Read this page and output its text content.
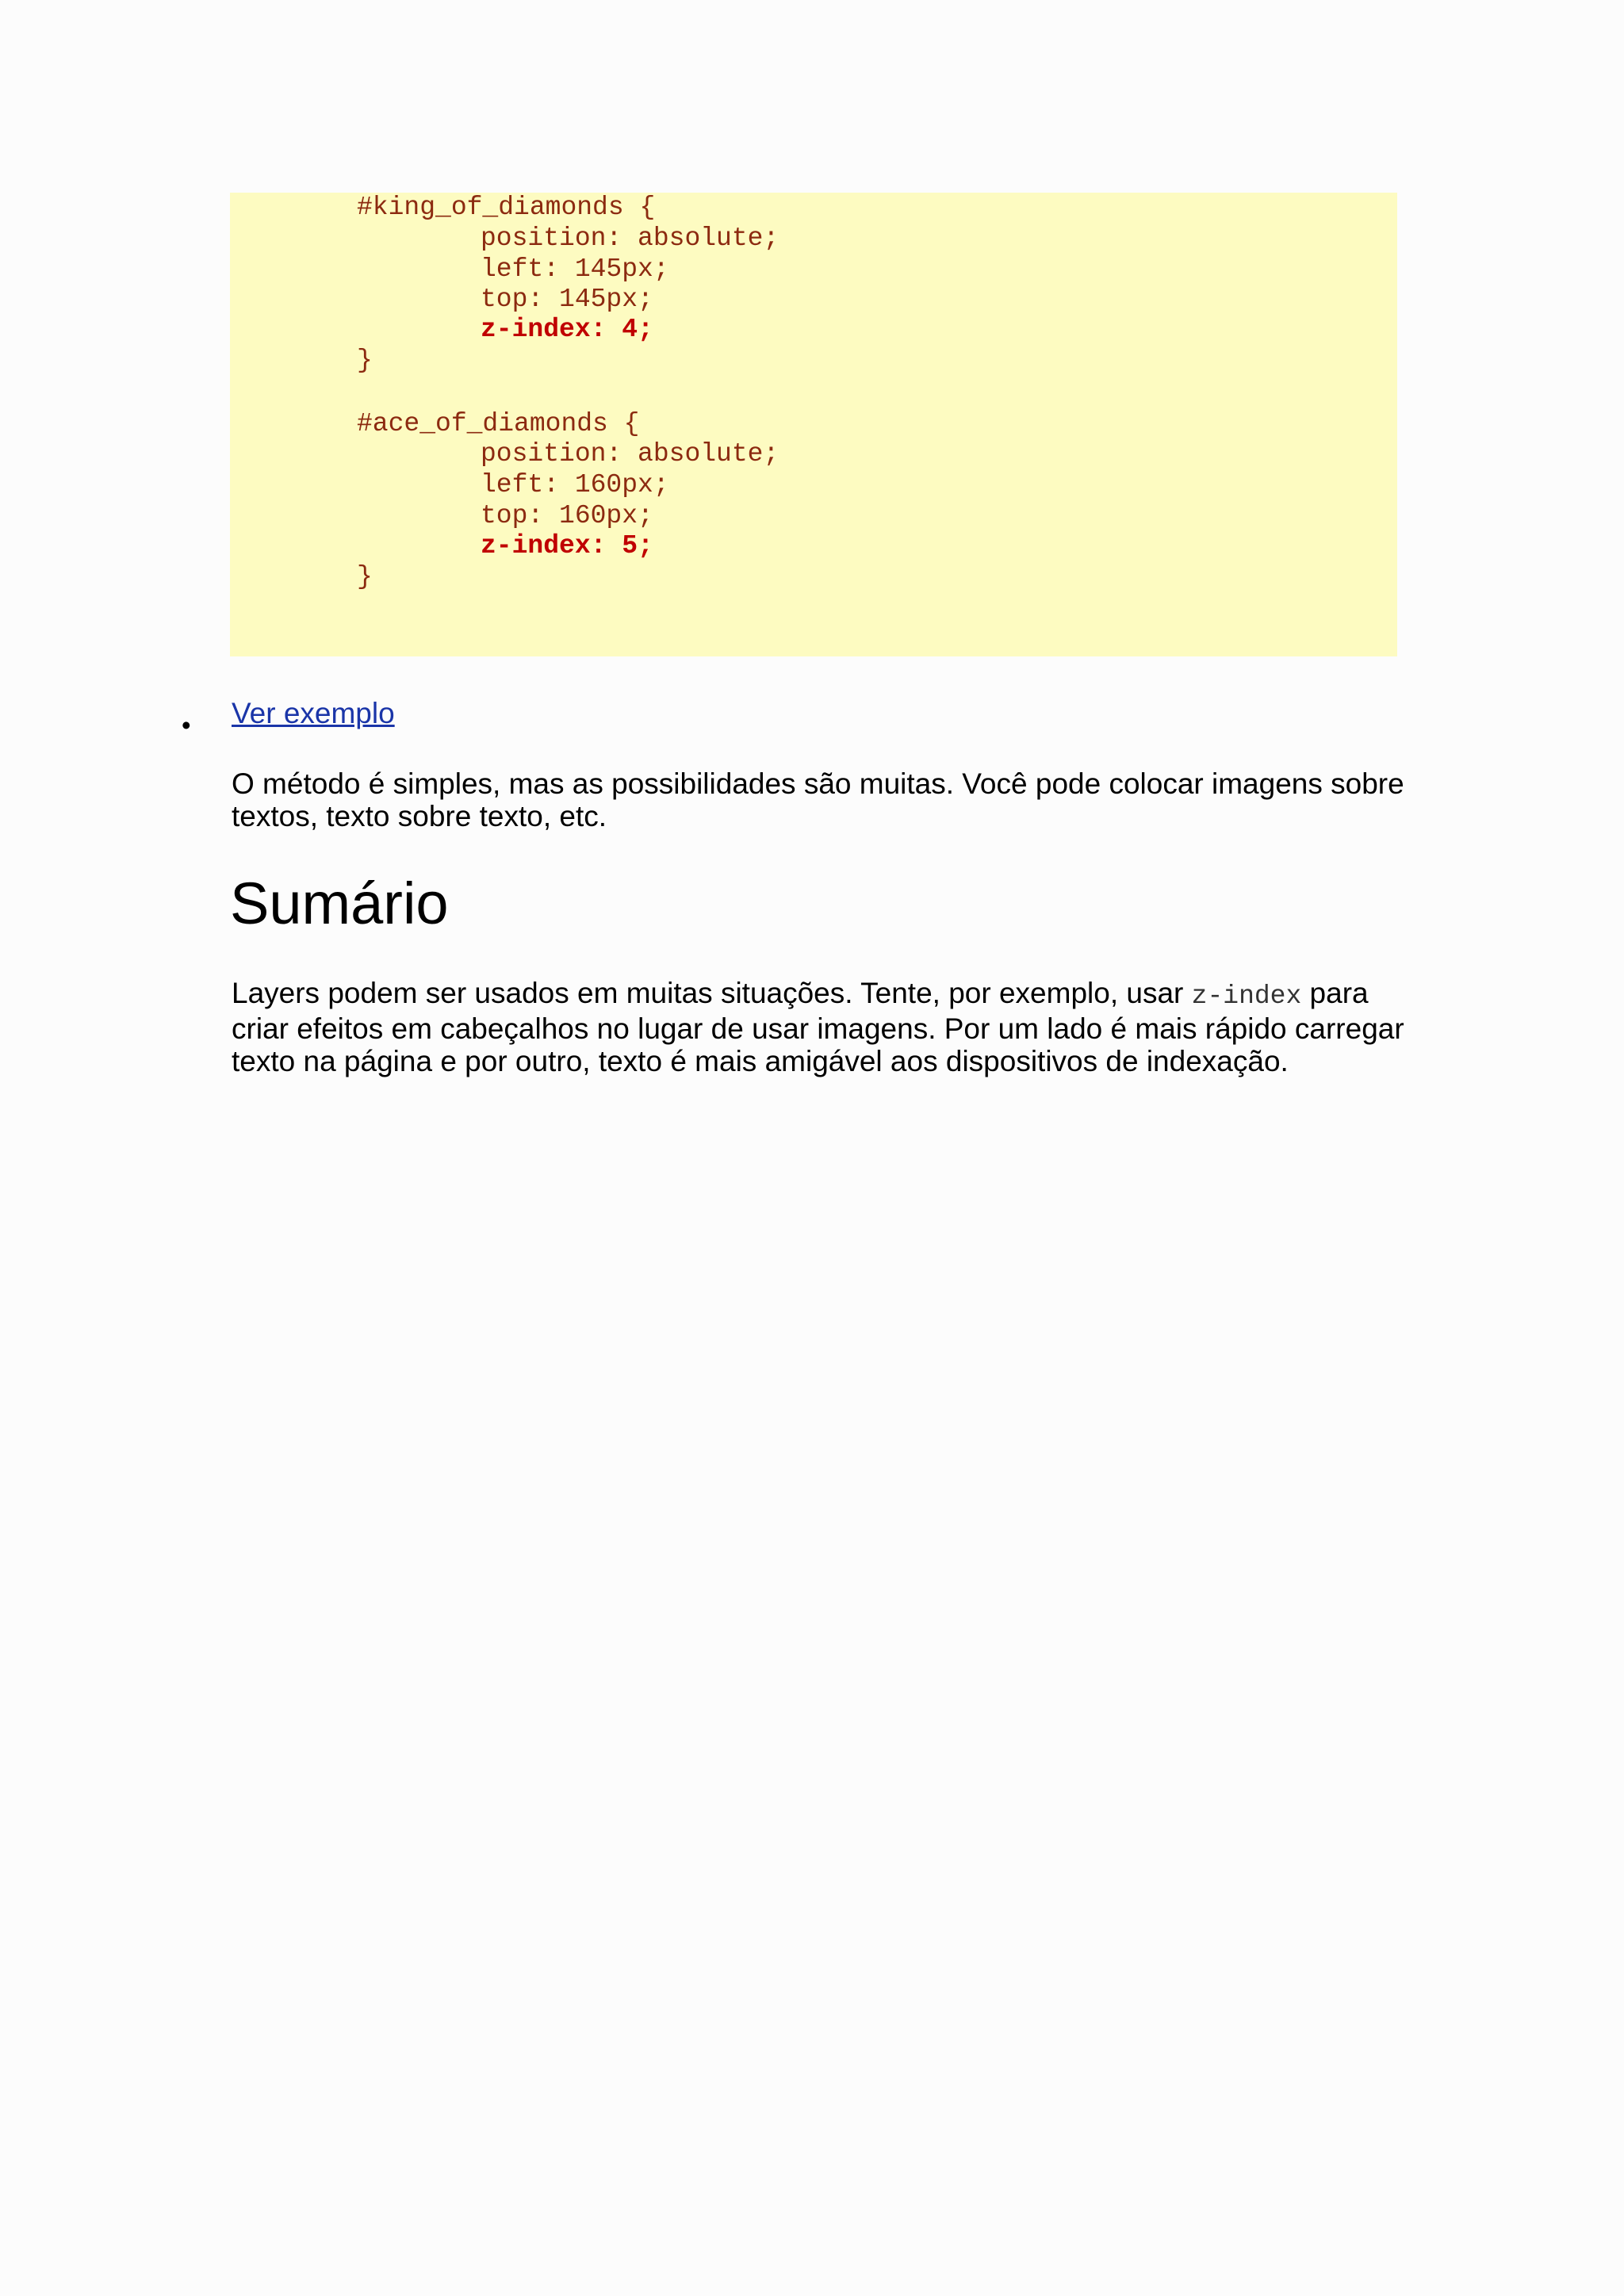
#king_of_diamonds {
position: absolute;
left: 145px;
top: 145px;
z-index: 4;
}
#ace_of_diamonds {
position: absolute;
left: 160px;
top: 160px;
z-index: 5;
}
• Ver exemplo
O método é simples, mas as possibilidades são muitas. Você pode colocar imagens sobre textos, texto sobre texto, etc.
Sumário
Layers podem ser usados em muitas situações. Tente, por exemplo, usar z-index para criar efeitos em cabeçalhos no lugar de usar imagens. Por um lado é mais rápido carregar texto na página e por outro, texto é mais amigável aos dispositivos de indexação.
